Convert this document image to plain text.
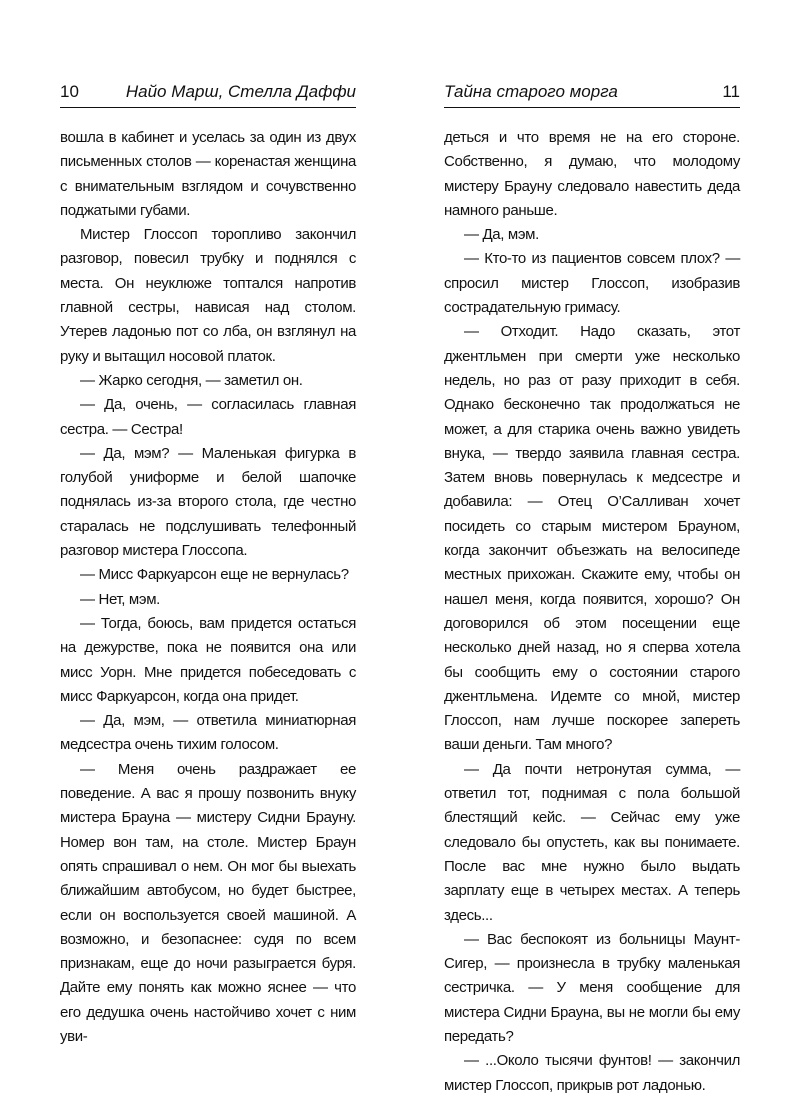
10	Найо Марш, Стелла Даффи

вошла в кабинет и уселась за один из двух письменных столов — коренастая женщина с внимательным взглядом и сочувственно поджатыми губами.

Мистер Глоссоп торопливо закончил разговор, повесил трубку и поднялся с места. Он неуклюже топтался напротив главной сестры, нависая над столом. Утерев ладонью пот со лба, он взглянул на руку и вытащил носовой платок.

— Жарко сегодня, — заметил он.

— Да, очень, — согласилась главная сестра. — Сестра!

— Да, мэм? — Маленькая фигурка в голубой униформе и белой шапочке поднялась из-за второго стола, где честно старалась не подслушивать телефонный разговор мистера Глоссопа.

— Мисс Фаркуарсон еще не вернулась?

— Нет, мэм.

— Тогда, боюсь, вам придется остаться на дежурстве, пока не появится она или мисс Уорн. Мне придется побеседовать с мисс Фаркуарсон, когда она придет.

— Да, мэм, — ответила миниатюрная медсестра очень тихим голосом.

— Меня очень раздражает ее поведение. А вас я прошу позвонить внуку мистера Брауна — мистеру Сидни Брауну. Номер вон там, на столе. Мистер Браун опять спрашивал о нем. Он мог бы выехать ближайшим автобусом, но будет быстрее, если он воспользуется своей машиной. А возможно, и безопаснее: судя по всем признакам, еще до ночи разыграется буря. Дайте ему понять как можно яснее — что его дедушка очень настойчиво хочет с ним уви-

Тайна старого морга	11

деться и что время не на его стороне. Собственно, я думаю, что молодому мистеру Брауну следовало навестить деда намного раньше.

— Да, мэм.

— Кто-то из пациентов совсем плох? — спросил мистер Глоссоп, изобразив сострадательную гримасу.

— Отходит. Надо сказать, этот джентльмен при смерти уже несколько недель, но раз от разу приходит в себя. Однако бесконечно так продолжаться не может, а для старика очень важно увидеть внука, — твердо заявила главная сестра. Затем вновь повернулась к медсестре и добавила: — Отец О’Салливан хочет посидеть со старым мистером Брауном, когда закончит объезжать на велосипеде местных прихожан. Скажите ему, чтобы он нашел меня, когда появится, хорошо? Он договорился об этом посещении еще несколько дней назад, но я сперва хотела бы сообщить ему о состоянии старого джентльмена. Идемте со мной, мистер Глоссоп, нам лучше поскорее запереть ваши деньги. Там много?

— Да почти нетронутая сумма, — ответил тот, поднимая с пола большой блестящий кейс. — Сейчас ему уже следовало бы опустеть, как вы понимаете. После вас мне нужно было выдать зарплату еще в четырех местах. А теперь здесь...

— Вас беспокоят из больницы Маунт-Сигер, — произнесла в трубку маленькая сестричка. — У меня сообщение для мистера Сидни Брауна, вы не могли бы ему передать?

— ...Около тысячи фунтов! — закончил мистер Глоссоп, прикрыв рот ладонью.
